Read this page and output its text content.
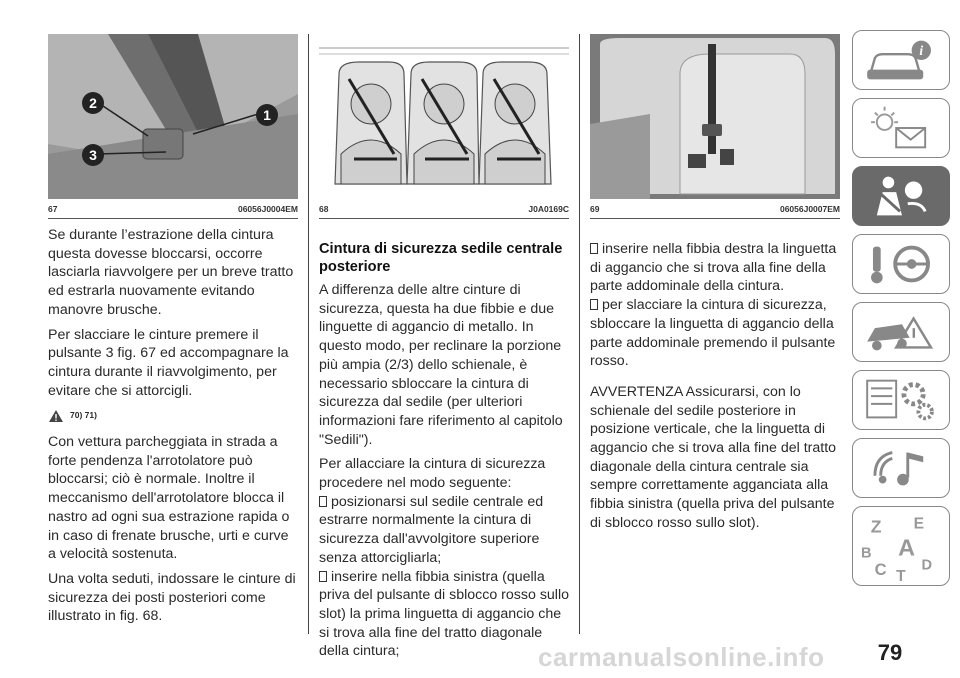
2
1
3
67	06056J0004EM 68	J0A0169C 69	06056J0007EM

Se durante l’estrazione della cintura questa dovesse bloccarsi, occorre lasciarla riavvolgere per un breve tratto ed estrarla nuovamente evitando manovre brusche.

Per slacciare le cinture premere il pulsante 3 fig. 67 ed accompagnare la cintura durante il riavvolgimento, per evitare che si attorcigli.

70) 71)

Con vettura parcheggiata in strada a forte pendenza l'arrotolatore può bloccarsi; ciò è normale. Inoltre il meccanismo dell'arrotolatore blocca il nastro ad ogni sua estrazione rapida o in caso di frenate brusche, urti e curve a velocità sostenuta.

Una volta seduti, indossare le cinture di sicurezza dei posti posteriori come illustrato in fig. 68.

Cintura di sicurezza sedile centrale posteriore

A differenza delle altre cinture di sicurezza, questa ha due fibbie e due linguette di aggancio di metallo. In questo modo, per reclinare la porzione più ampia (2/3) dello schienale, è necessario sbloccare la cintura di sicurezza dal sedile (per ulteriori informazioni fare riferimento al capitolo "Sedili").

Per allacciare la cintura di sicurezza procedere nel modo seguente:

posizionarsi sul sedile centrale ed estrarre normalmente la cintura di sicurezza dall'avvolgitore superiore senza attorcigliarla;
inserire nella fibbia sinistra (quella priva del pulsante di sblocco rosso sullo slot) la prima linguetta di aggancio che si trova alla fine del tratto diagonale della cintura;
inserire nella fibbia destra la linguetta di aggancio che si trova alla fine della parte addominale della cintura.
per slacciare la cintura di sicurezza, sbloccare la linguetta di aggancio della parte addominale premendo il pulsante rosso.

AVVERTENZA Assicurarsi, con lo schienale del sedile posteriore in posizione verticale, che la linguetta di aggancio che si trova alla fine del tratto diagonale della cintura centrale sia sempre correttamente agganciata alla fibbia sinistra (quella priva del pulsante di sblocco rosso sullo slot).

i
Z E
A
B
C D
T
79
carmanualsonline.info
